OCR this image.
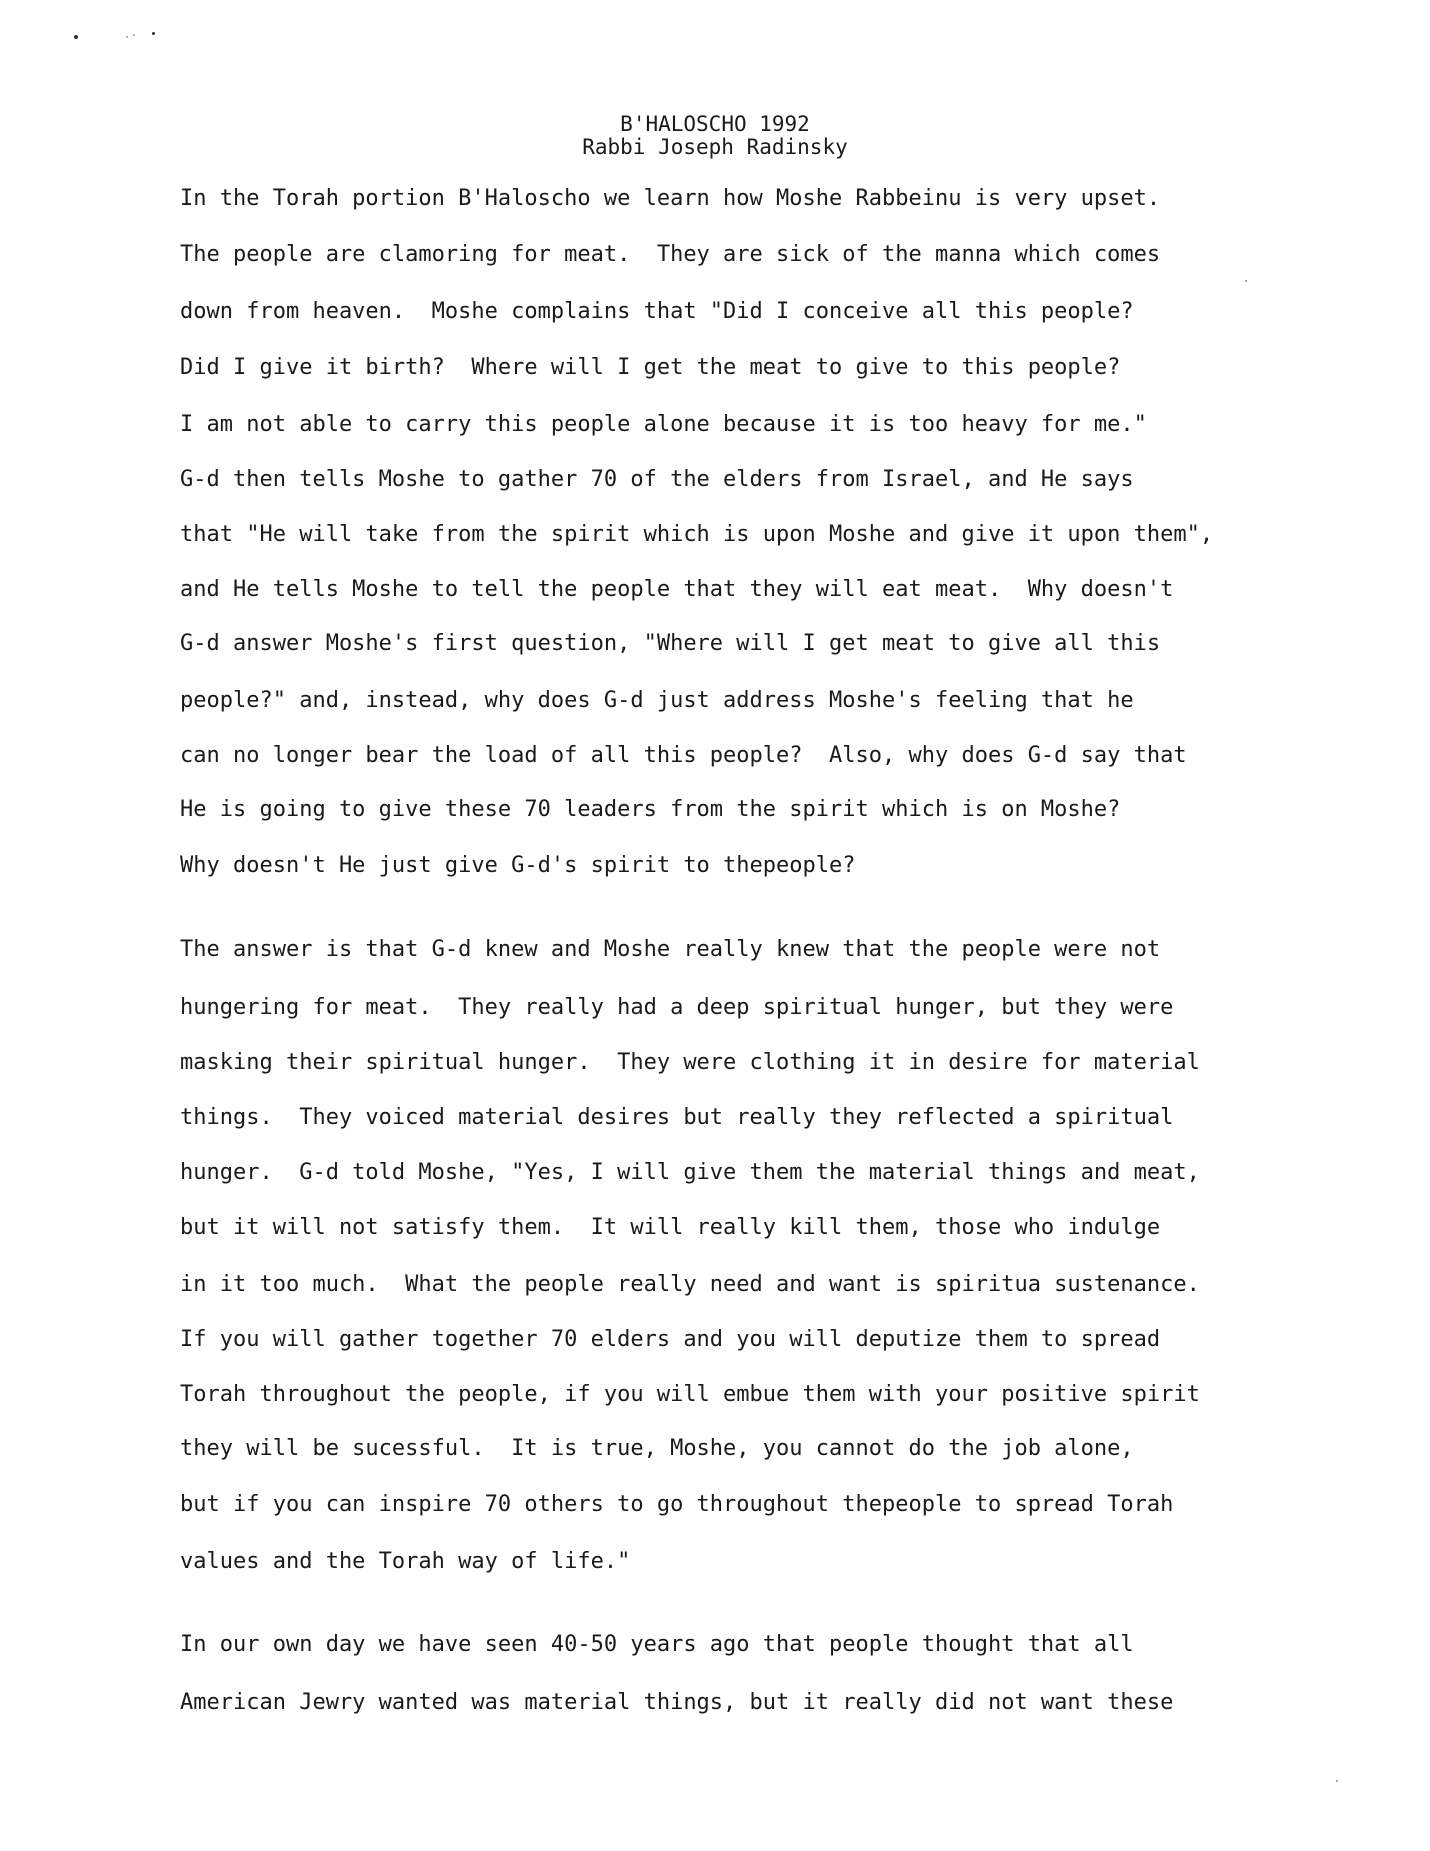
B'HALOSCHO 1992
Rabbi Joseph Radinsky
In the Torah portion B'Haloscho we learn how Moshe Rabbeinu is very upset.
The people are clamoring for meat.  They are sick of the manna which comes
down from heaven.  Moshe complains that "Did I conceive all this people?
Did I give it birth?  Where will I get the meat to give to this people?
I am not able to carry this people alone because it is too heavy for me."
G-d then tells Moshe to gather 70 of the elders from Israel, and He says
that "He will take from the spirit which is upon Moshe and give it upon them",
and He tells Moshe to tell the people that they will eat meat.  Why doesn't
G-d answer Moshe's first question, "Where will I get meat to give all this
people?" and, instead, why does G-d just address Moshe's feeling that he
can no longer bear the load of all this people?  Also, why does G-d say that
He is going to give these 70 leaders from the spirit which is on Moshe?
Why doesn't He just give G-d's spirit to thepeople?
The answer is that G-d knew and Moshe really knew that the people were not
hungering for meat.  They really had a deep spiritual hunger, but they were
masking their spiritual hunger.  They were clothing it in desire for material
things.  They voiced material desires but really they reflected a spiritual
hunger.  G-d told Moshe, "Yes, I will give them the material things and meat,
but it will not satisfy them.  It will really kill them, those who indulge
in it too much.  What the people really need and want is spiritua sustenance.
If you will gather together 70 elders and you will deputize them to spread
Torah throughout the people, if you will embue them with your positive spirit
they will be sucessful.  It is true, Moshe, you cannot do the job alone,
but if you can inspire 70 others to go throughout thepeople to spread Torah
values and the Torah way of life."
In our own day we have seen 40-50 years ago that people thought that all
American Jewry wanted was material things, but it really did not want these
